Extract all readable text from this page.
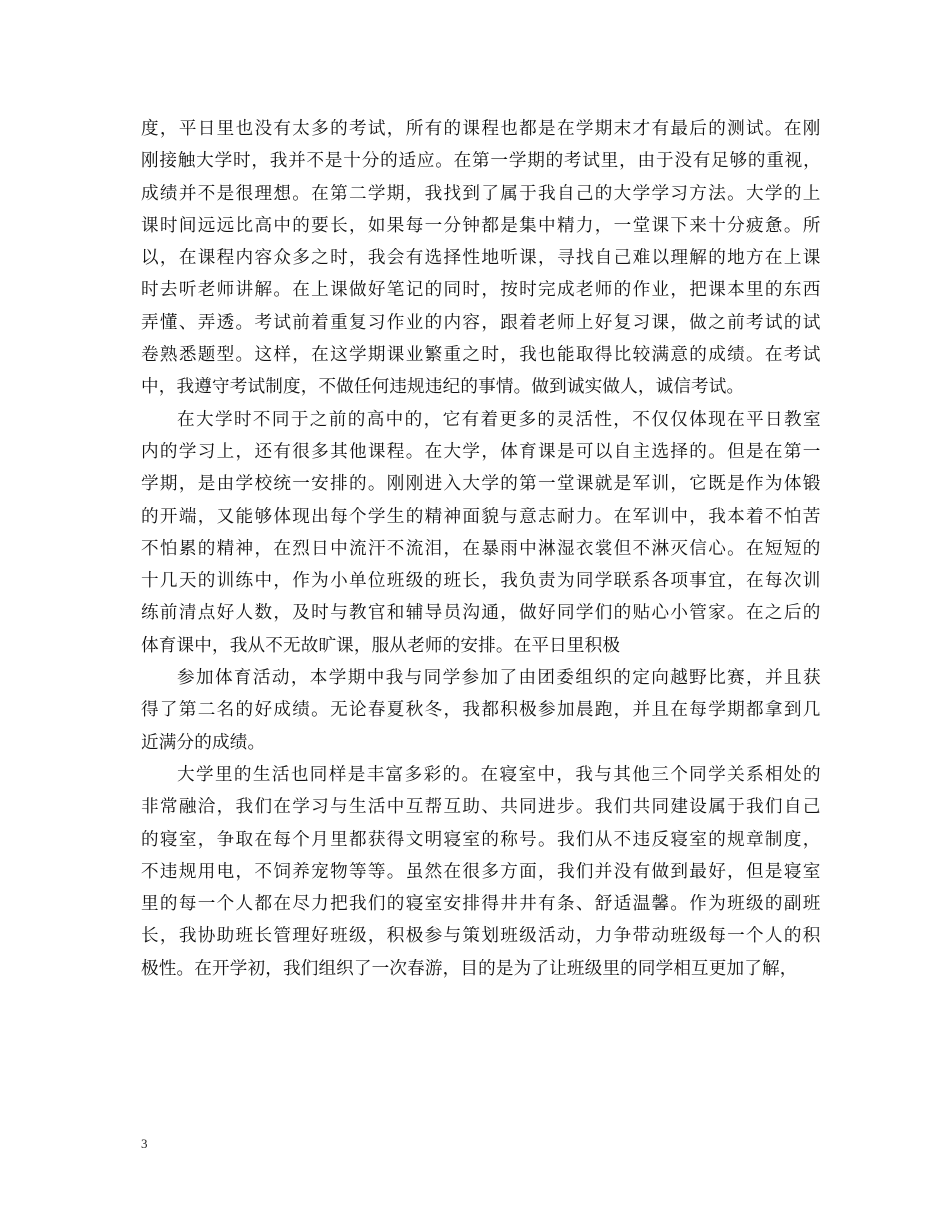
度 ， 平 日 里 也 没 有 太 多 的 考 试 ， 所 有 的 课 程 也 都 是 在 学 期 末 才 有 最 后 的 测 试 。 在 刚
刚 接 触 大 学 时 ， 我 并 不 是 十 分 的 适 应 。 在 第 一 学 期 的 考 试 里 ， 由 于 没 有 足 够 的 重 视 ，
成 绩 并 不 是 很 理 想 。 在 第 二 学 期 ， 我 找 到 了 属 于 我 自 己 的 大 学 学 习 方 法 。 大 学 的 上
课 时 间 远 远 比 高 中 的 要 长 ， 如 果 每 一 分 钟 都 是 集 中 精 力 ， 一 堂 课 下 来 十 分 疲 惫 。 所
以 ， 在 课 程 内 容 众 多 之 时 ， 我 会 有 选 择 性 地 听 课 ， 寻 找 自 己 难 以 理 解 的 地 方 在 上 课
时 去 听 老 师 讲 解 。 在 上 课 做 好 笔 记 的 同 时 ， 按 时 完 成 老 师 的 作 业 ， 把 课 本 里 的 东 西
弄 懂 、 弄 透 。 考 试 前 着 重 复 习 作 业 的 内 容 ， 跟 着 老 师 上 好 复 习 课 ， 做 之 前 考 试 的 试
卷 熟 悉 题 型 。 这 样 ， 在 这 学 期 课 业 繁 重 之 时 ， 我 也 能 取 得 比 较 满 意 的 成 绩 。 在 考 试
中，我遵守考试制度，不做任何违规违纪的事情。做到诚实做人，诚信考试。
在 大 学 时 不 同 于 之 前 的 高 中 的 ， 它 有 着 更 多 的 灵 活 性 ， 不 仅 仅 体 现 在 平 日 教 室
内 的 学 习 上 ， 还 有 很 多 其 他 课 程 。 在 大 学 ， 体 育 课 是 可 以 自 主 选 择 的 。 但 是 在 第 一
学 期 ， 是 由 学 校 统 一 安 排 的 。 刚 刚 进 入 大 学 的 第 一 堂 课 就 是 军 训 ， 它 既 是 作 为 体 锻
的 开 端 ， 又 能 够 体 现 出 每 个 学 生 的 精 神 面 貌 与 意 志 耐 力 。 在 军 训 中 ， 我 本 着 不 怕 苦
不 怕 累 的 精 神 ， 在 烈 日 中 流 汗 不 流 泪 ， 在 暴 雨 中 淋 湿 衣 裳 但 不 淋 灭 信 心 。 在 短 短 的
十 几 天 的 训 练 中 ， 作 为 小 单 位 班 级 的 班 长 ， 我 负 责 为 同 学 联 系 各 项 事 宜 ， 在 每 次 训
练 前 清 点 好 人 数 ， 及 时 与 教 官 和 辅 导 员 沟 通 ， 做 好 同 学 们 的 贴 心 小 管 家 。 在 之 后 的
体育课中，我从不无故旷课，服从老师的安排。在平日里积极
参 加 体 育 活 动 ， 本 学 期 中 我 与 同 学 参 加 了 由 团 委 组 织 的 定 向 越 野 比 赛 ， 并 且 获
得 了 第 二 名 的 好 成 绩 。 无 论 春 夏 秋 冬 ， 我 都 积 极 参 加 晨 跑 ， 并 且 在 每 学 期 都 拿 到 几
近满分的成绩。
大 学 里 的 生 活 也 同 样 是 丰 富 多 彩 的 。 在 寝 室 中 ， 我 与 其 他 三 个 同 学 关 系 相 处 的
非 常 融 洽 ， 我 们 在 学 习 与 生 活 中 互 帮 互 助 、 共 同 进 步 。 我 们 共 同 建 设 属 于 我 们 自 己
的 寝 室 ， 争 取 在 每 个 月 里 都 获 得 文 明 寝 室 的 称 号 。 我 们 从 不 违 反 寝 室 的 规 章 制 度 ，
不 违 规 用 电 ， 不 饲 养 宠 物 等 等 。 虽 然 在 很 多 方 面 ， 我 们 并 没 有 做 到 最 好 ， 但 是 寝 室
里 的 每 一 个 人 都 在 尽 力 把 我 们 的 寝 室 安 排 得 井 井 有 条 、 舒 适 温 馨 。 作 为 班 级 的 副 班
长 ， 我 协 助 班 长 管 理 好 班 级 ， 积 极 参 与 策 划 班 级 活 动 ， 力 争 带 动 班 级 每 一 个 人 的 积
极性。在开学初，我们组织了一次春游，目的是为了让班级里的同学相互更加了解，
3
